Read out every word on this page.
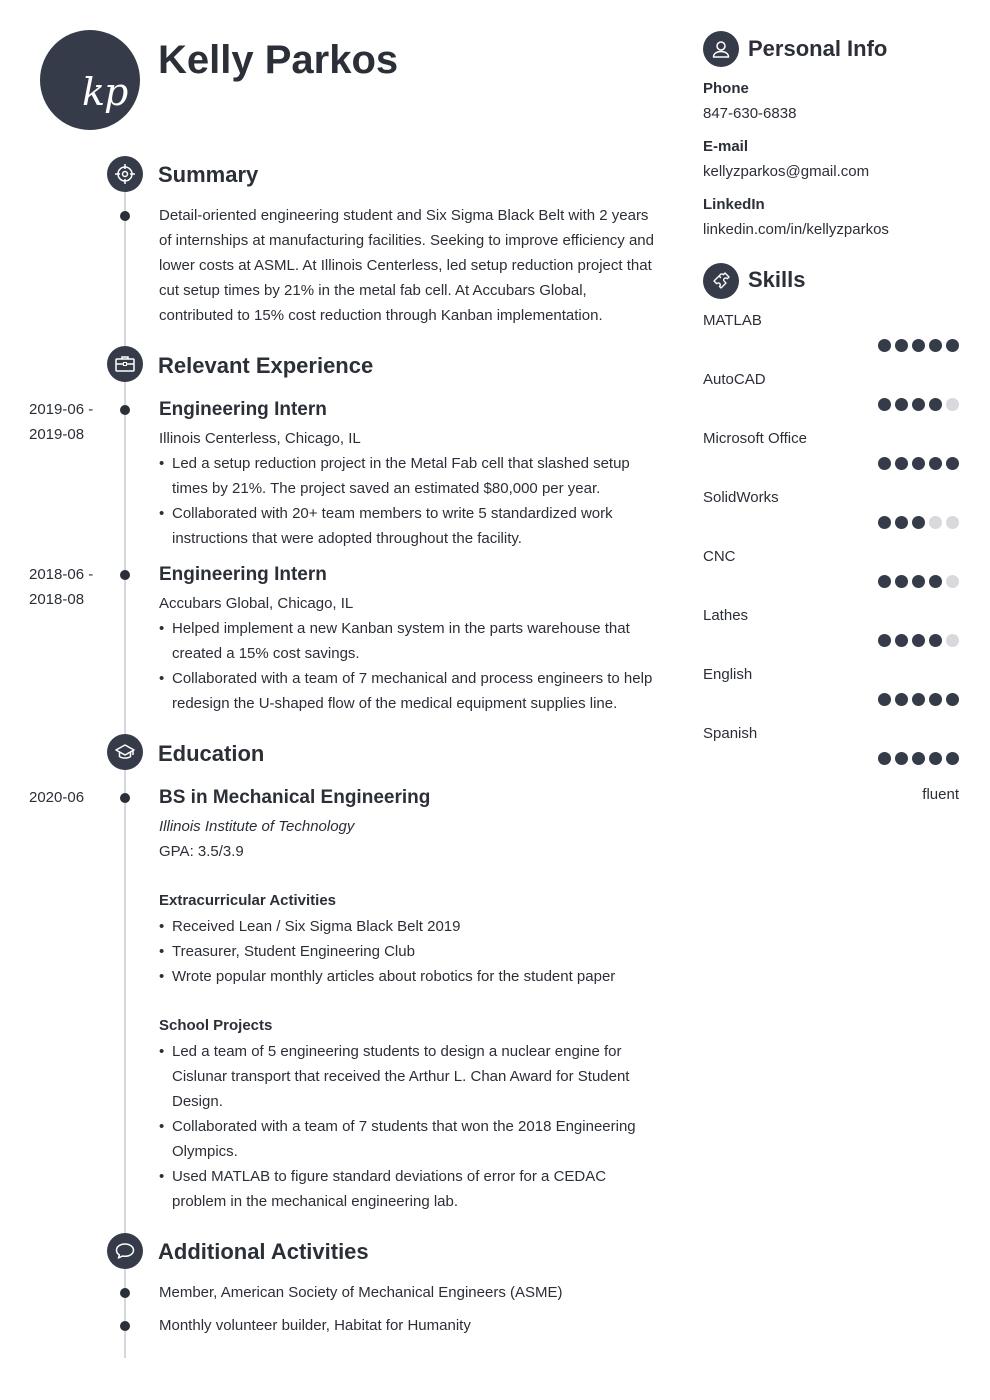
kp
Kelly Parkos
Summary
Detail-oriented engineering student and Six Sigma Black Belt with 2 years of internships at manufacturing facilities. Seeking to improve efficiency and lower costs at ASML. At Illinois Centerless, led setup reduction project that cut setup times by 21% in the metal fab cell. At Accubars Global, contributed to 15% cost reduction through Kanban implementation.
Relevant Experience
2019-06 -
2019-08
Engineering Intern
Illinois Centerless, Chicago, IL
• Led a setup reduction project in the Metal Fab cell that slashed setup times by 21%. The project saved an estimated $80,000 per year.
• Collaborated with 20+ team members to write 5 standardized work instructions that were adopted throughout the facility.
2018-06 -
2018-08
Engineering Intern
Accubars Global, Chicago, IL
• Helped implement a new Kanban system in the parts warehouse that created a 15% cost savings.
• Collaborated with a team of 7 mechanical and process engineers to help redesign the U-shaped flow of the medical equipment supplies line.
Education
2020-06	BS in Mechanical Engineering
Illinois Institute of Technology
GPA: 3.5/3.9
Extracurricular Activities
• Received Lean / Six Sigma Black Belt 2019
• Treasurer, Student Engineering Club
• Wrote popular monthly articles about robotics for the student paper
School Projects
• Led a team of 5 engineering students to design a nuclear engine for Cislunar transport that received the Arthur L. Chan Award for Student Design.
• Collaborated with a team of 7 students that won the 2018 Engineering Olympics.
• Used MATLAB to figure standard deviations of error for a CEDAC problem in the mechanical engineering lab.
Additional Activities
Member, American Society of Mechanical Engineers (ASME)
Monthly volunteer builder, Habitat for Humanity
Personal Info
Phone
847-630-6838
E-mail
kellyzparkos@gmail.com
LinkedIn
linkedin.com/in/kellyzparkos
Skills
MATLAB
AutoCAD
Microsoft Office
SolidWorks
CNC
Lathes
English
Spanish
fluent
